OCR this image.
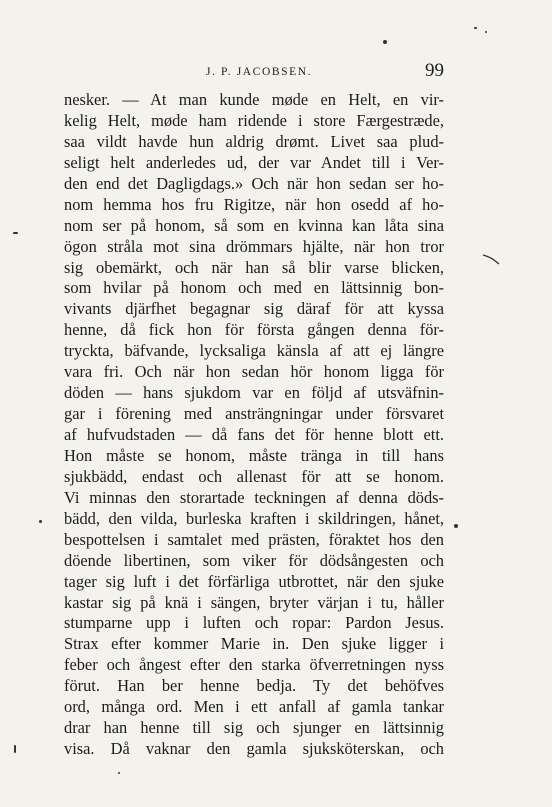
J. P. JACOBSEN.	99
nesker. — At man kunde møde en Helt, en vir-
kelig Helt, møde ham ridende i store Færgestræde,
saa vildt havde hun aldrig drømt. Livet saa plud-
seligt helt anderledes ud, der var Andet till i Ver-
den end det Dagligdags.» Och när hon sedan ser ho-
nom hemma hos fru Rigitze, när hon osedd af ho-
nom ser på honom, så som en kvinna kan låta sina
ögon stråla mot sina drömmars hjälte, när hon tror
sig obemärkt, och när han så blir varse blicken,
som hvilar på honom och med en lättsinnig bon-
vivants djärfhet begagnar sig däraf för att kyssa
henne, då fick hon för första gången denna för-
tryckta, bäfvande, lycksaliga känsla af att ej längre
vara fri. Och när hon sedan hör honom ligga för
döden — hans sjukdom var en följd af utsväfnin-
gar i förening med ansträngningar under försvaret
af hufvudstaden — då fans det för henne blott ett.
Hon måste se honom, måste tränga in till hans
sjukbädd, endast och allenast för att se honom.
Vi minnas den storartade teckningen af denna döds-
bädd, den vilda, burleska kraften i skildringen, hånet,
bespottelsen i samtalet med prästen, föraktet hos den
döende libertinen, som viker för dödsångesten och
tager sig luft i det förfärliga utbrottet, när den sjuke
kastar sig på knä i sängen, bryter värjan i tu, håller
stumparne upp i luften och ropar: Pardon Jesus.
Strax efter kommer Marie in. Den sjuke ligger i
feber och ångest efter den starka öfverretningen nyss
förut. Han ber henne bedja. Ty det behöfves
ord, många ord. Men i ett anfall af gamla tankar
drar han henne till sig och sjunger en lättsinnig
visa. Då vaknar den gamla sjuksköterskan, och
